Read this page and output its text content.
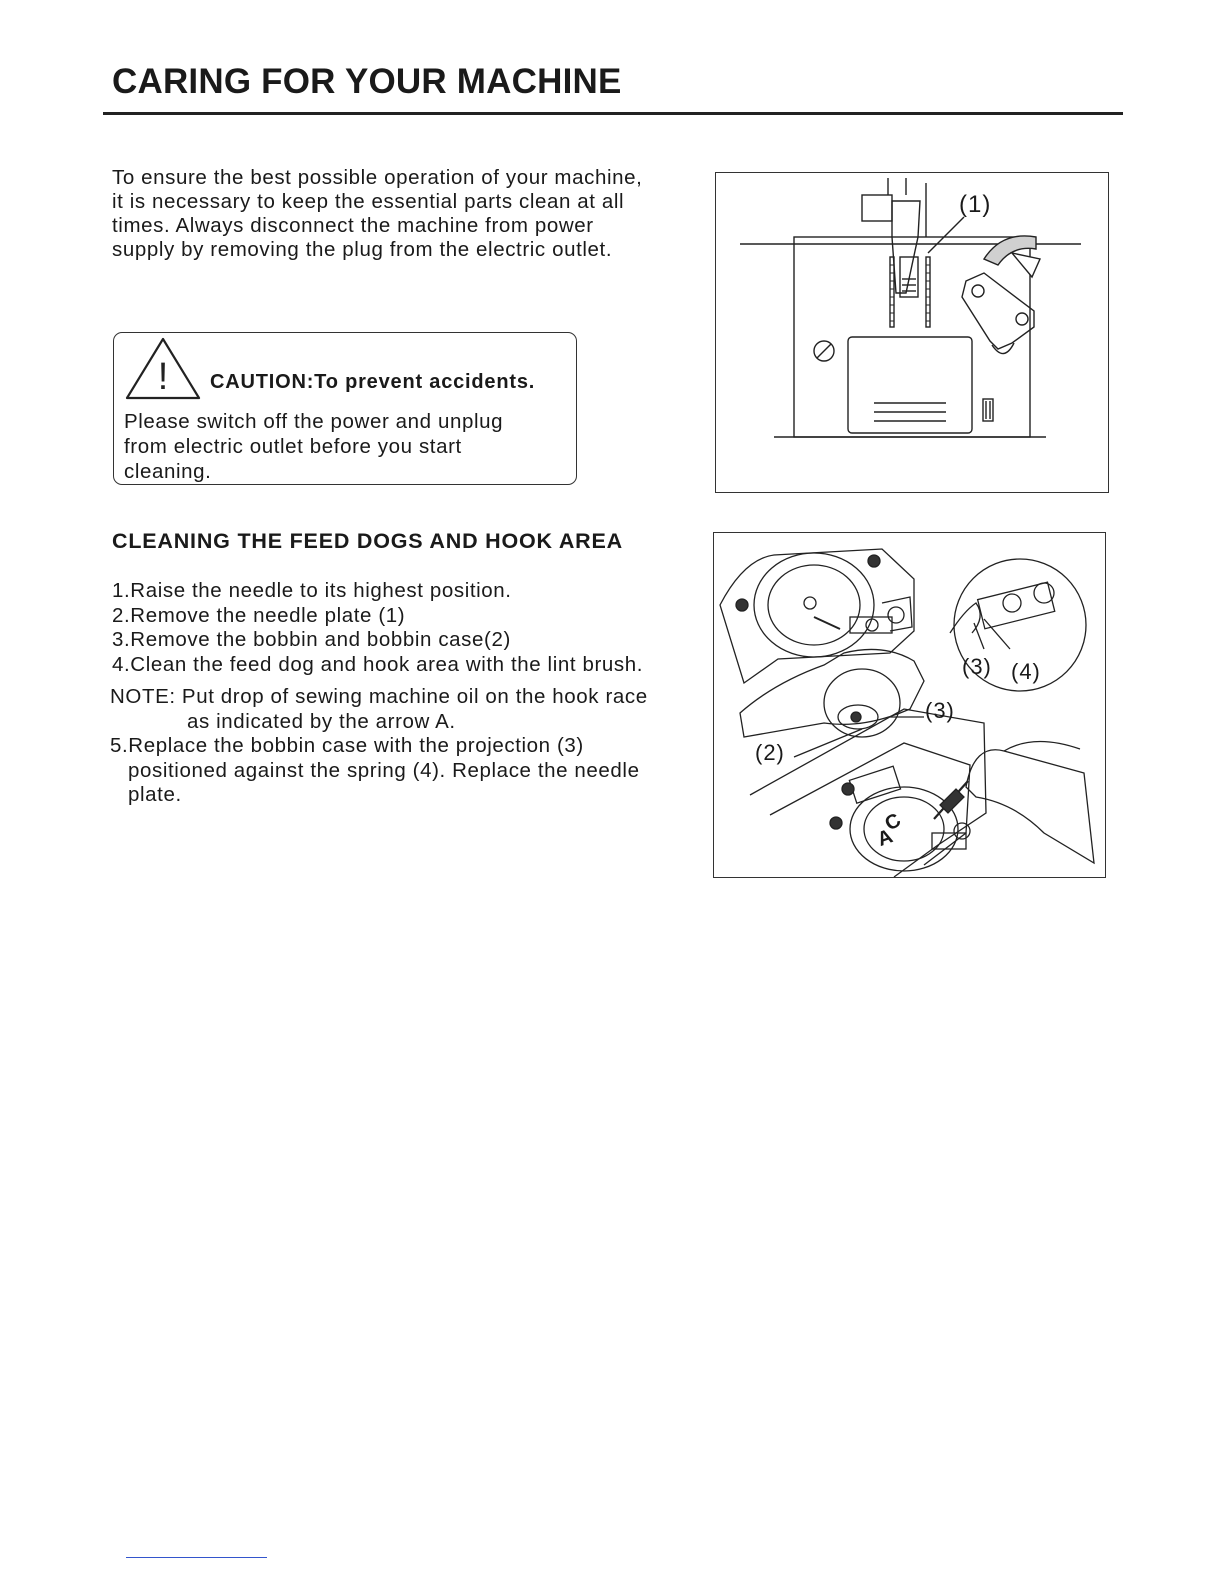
CARING FOR YOUR MACHINE
To ensure the best possible operation of your machine,
it is necessary to keep the essential parts clean at all
times. Always disconnect the machine from power
supply by removing the plug from the electric outlet.
! CAUTION:To prevent accidents.
Please switch off the power and unplug
from electric outlet before you start
cleaning.
(1)
CLEANING THE FEED DOGS AND HOOK AREA
1.Raise the needle to its highest position.
2.Remove the needle plate (1)
3.Remove the bobbin and bobbin case(2)
4.Clean the feed dog and hook area with the lint brush.
NOTE: Put drop of sewing machine oil on the hook race
as indicated by the arrow A.
5.Replace the bobbin case with the projection (3)
positioned against the spring (4). Replace the needle
plate.
(3) (4)
(3)
(2)
C
A
